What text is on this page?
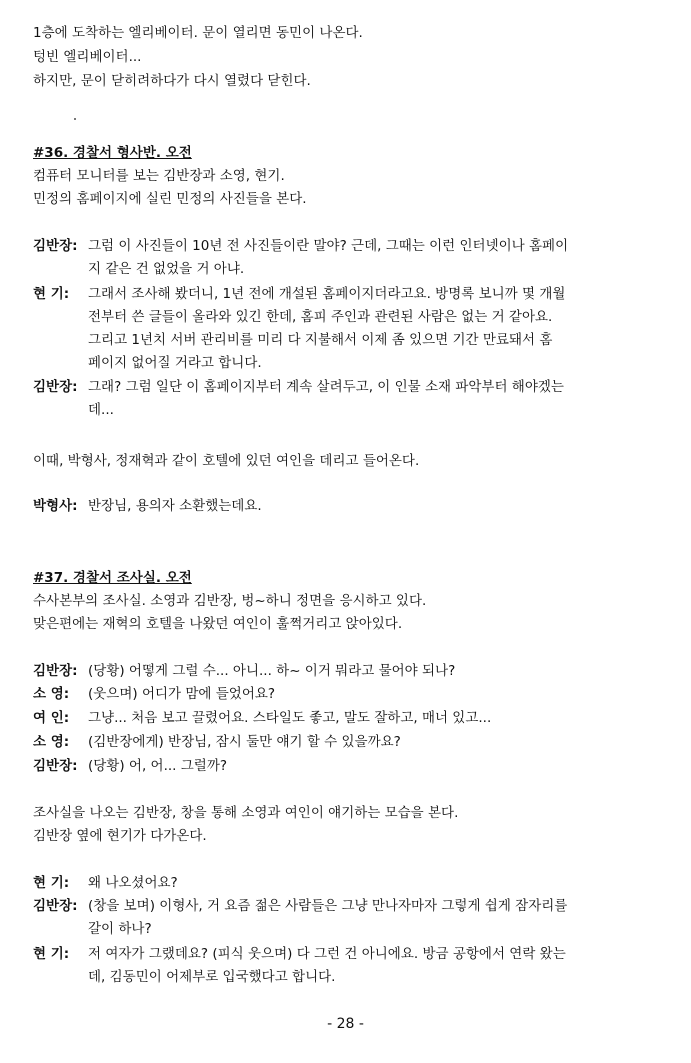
1층에 도착하는 엘리베이터. 문이 열리면 동민이 나온다.
텅빈 엘리베이터...
하지만, 문이 닫히려하다가 다시 열렸다 닫힌다.
#36. 경찰서 형사반. 오전
컴퓨터 모니터를 보는 김반장과 소영, 현기.
민정의 홈페이지에 실린 민정의 사진들을 본다.
김반장: 그럼 이 사진들이 10년 전 사진들이란 말야? 근데, 그때는 이런 인터넷이나 홈페이
지 같은 건 없었을 거 아냐.
현 기: 그래서 조사해 봤더니, 1년 전에 개설된 홈페이지더라고요. 방명록 보니까 몇 개월
전부터 쓴 글들이 올라와 있긴 한데, 홈피 주인과 관련된 사람은 없는 거 같아요.
그리고 1년치 서버 관리비를 미리 다 지불해서 이제 좀 있으면 기간 만료돼서 홈
페이지 없어질 거라고 합니다.
김반장: 그래? 그럼 일단 이 홈페이지부터 계속 살려두고, 이 인물 소재 파악부터 해야겠는
데...
이때, 박형사, 정재혁과 같이 호텔에 있던 여인을 데리고 들어온다.
박형사: 반장님, 용의자 소환했는데요.
#37. 경찰서 조사실. 오전
수사본부의 조사실. 소영과 김반장, 벙~하니 정면을 응시하고 있다.
맞은편에는 재혁의 호텔을 나왔던 여인이 훌쩍거리고 앉아있다.
김반장: (당황) 어떻게 그럴 수... 아니... 하~ 이거 뭐라고 물어야 되나?
소 영: (웃으며) 어디가 맘에 들었어요?
여 인: 그냥... 처음 보고 끌렸어요. 스타일도 좋고, 말도 잘하고, 매너 있고...
소 영: (김반장에게) 반장님, 잠시 둘만 얘기 할 수 있을까요?
김반장: (당황) 어, 어... 그럴까?
조사실을 나오는 김반장, 창을 통해 소영과 여인이 얘기하는 모습을 본다.
김반장 옆에 현기가 다가온다.
현 기: 왜 나오셨어요?
김반장: (창을 보며) 이형사, 거 요즘 젊은 사람들은 그냥 만나자마자 그렇게 쉽게 잠자리를
갈이 하나?
현 기: 저 여자가 그랬데요? (피식 웃으며) 다 그런 건 아니에요. 방금 공항에서 연락 왔는
데, 김동민이 어제부로 입국했다고 합니다.
- 28 -
